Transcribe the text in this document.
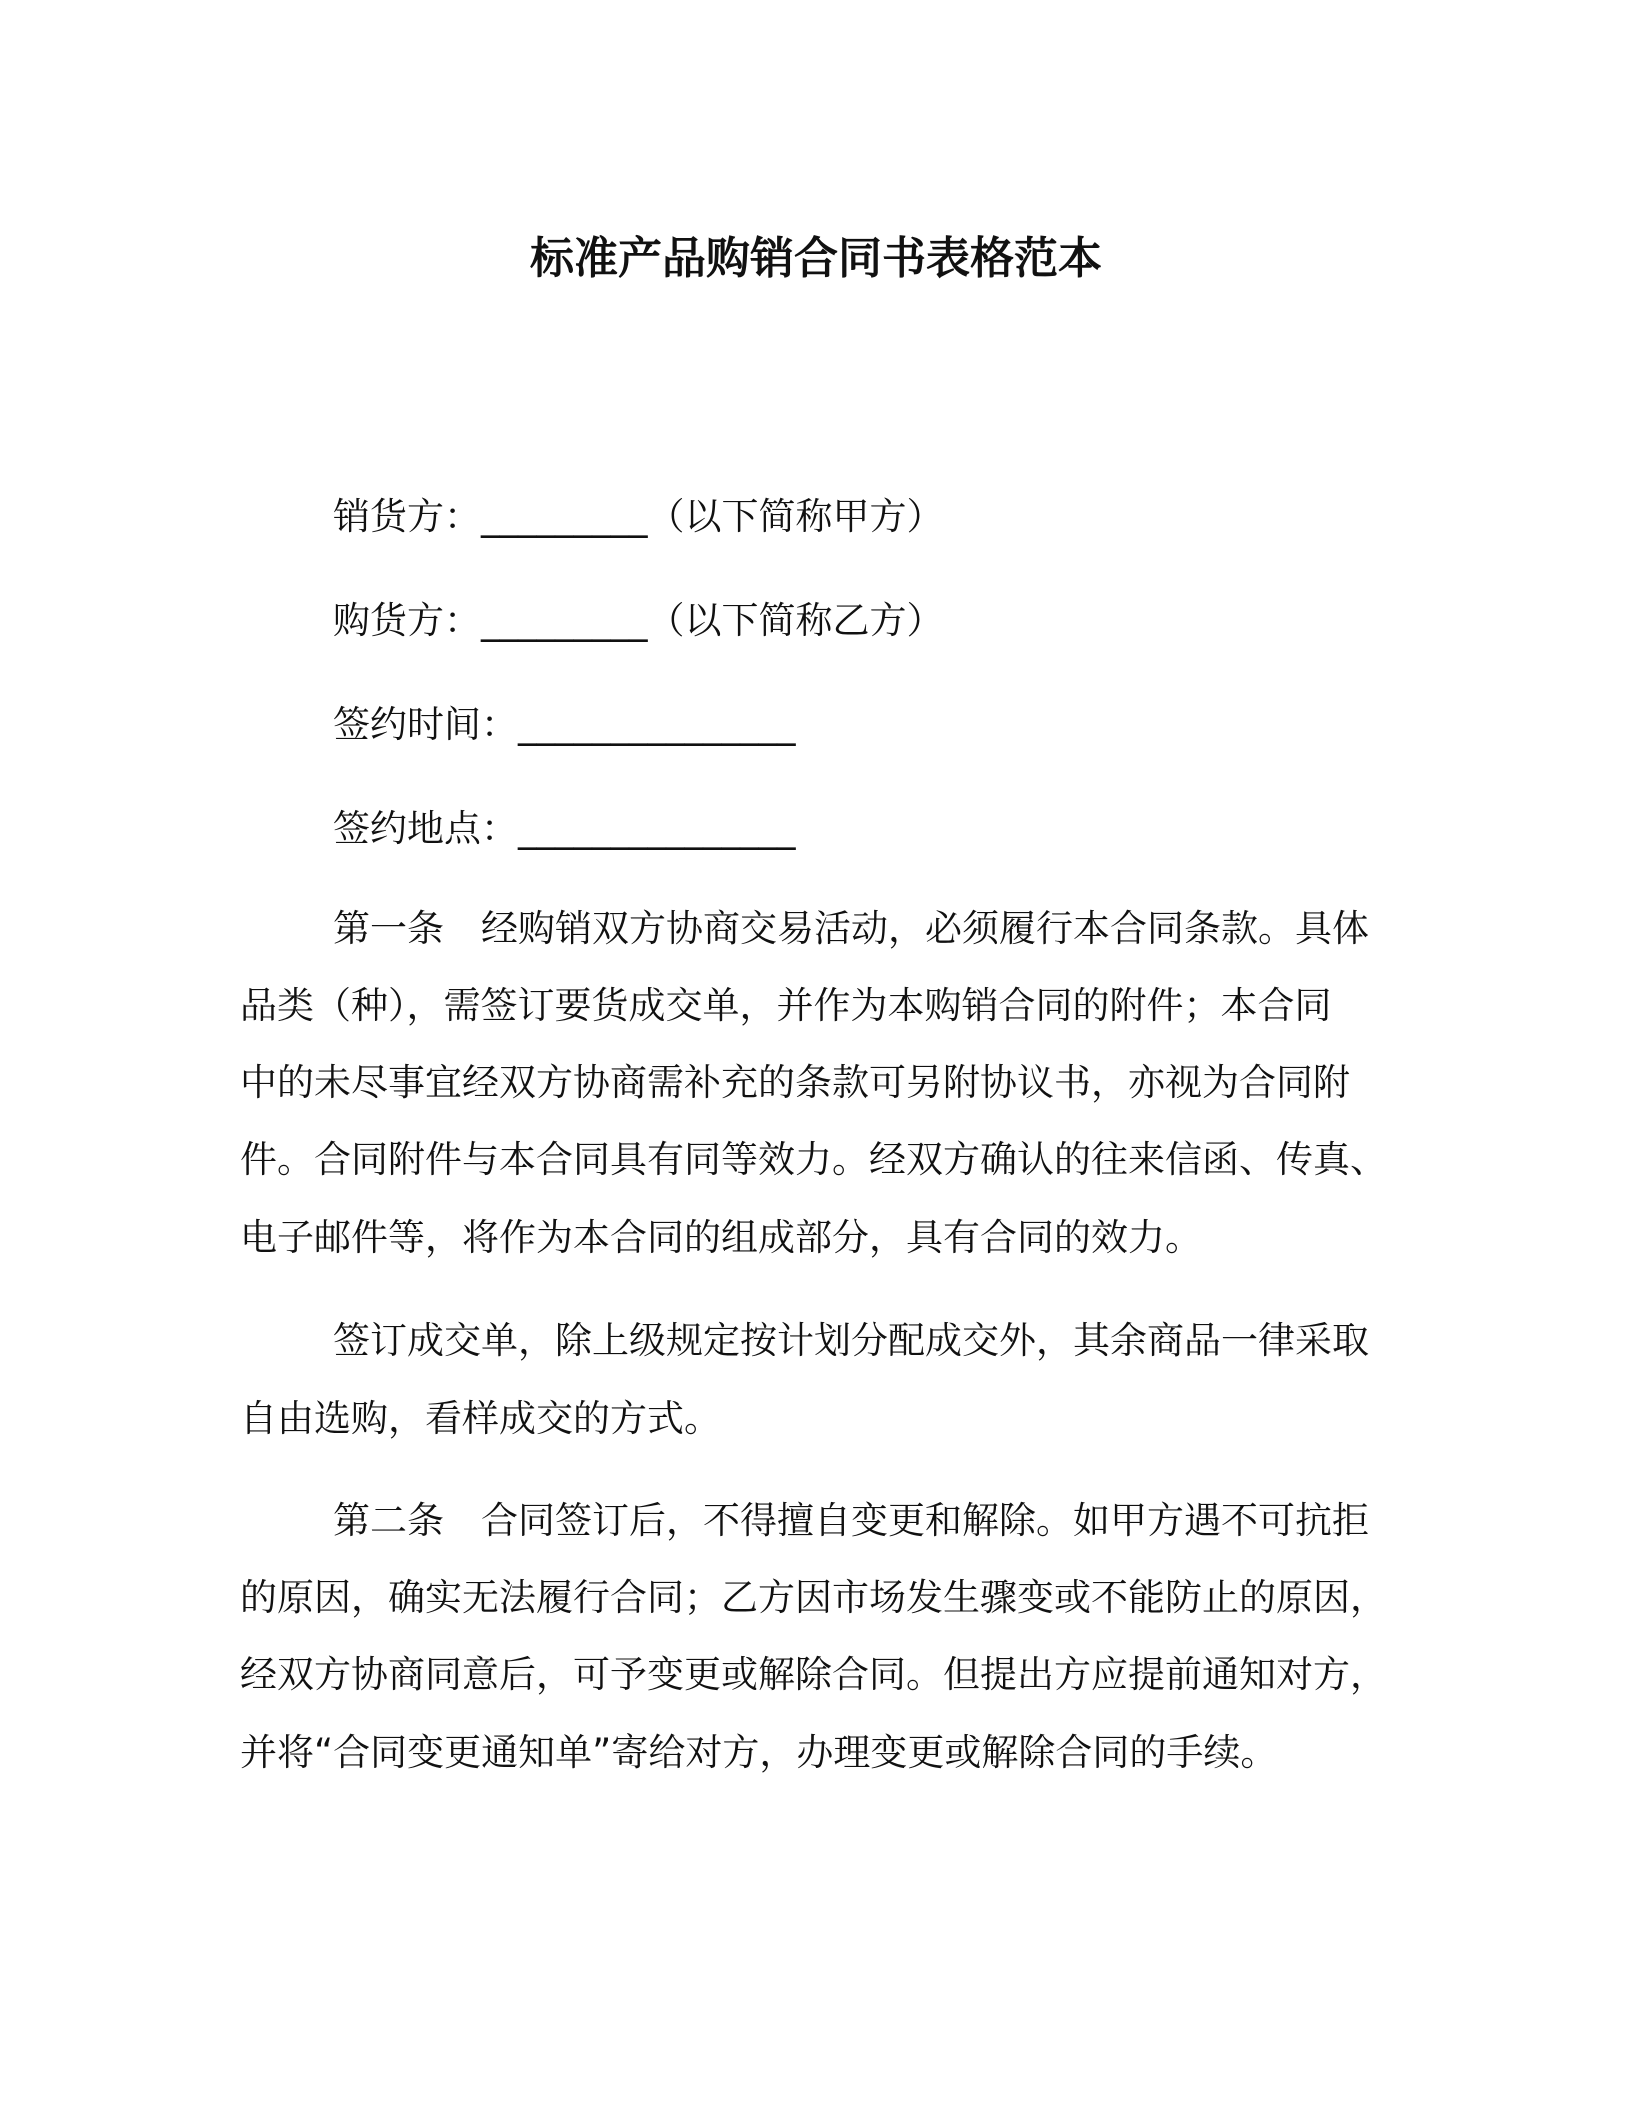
标准产品购销合同书表格范本
销货方：_________（以下简称甲方）
购货方：_________（以下简称乙方）
签约时间：_______________
签约地点：_______________
第一条　经购销双方协商交易活动，必须履行本合同条款。具体
品类（种），需签订要货成交单，并作为本购销合同的附件；本合同
中的未尽事宜经双方协商需补充的条款可另附协议书，亦视为合同附
件。合同附件与本合同具有同等效力。经双方确认的往来信函、传真、
电子邮件等，将作为本合同的组成部分，具有合同的效力。
签订成交单，除上级规定按计划分配成交外，其余商品一律采取
自由选购，看样成交的方式。
第二条　合同签订后，不得擅自变更和解除。如甲方遇不可抗拒
的原因，确实无法履行合同；乙方因市场发生骤变或不能防止的原因，
经双方协商同意后，可予变更或解除合同。但提出方应提前通知对方，
并将“合同变更通知单”寄给对方，办理变更或解除合同的手续。
